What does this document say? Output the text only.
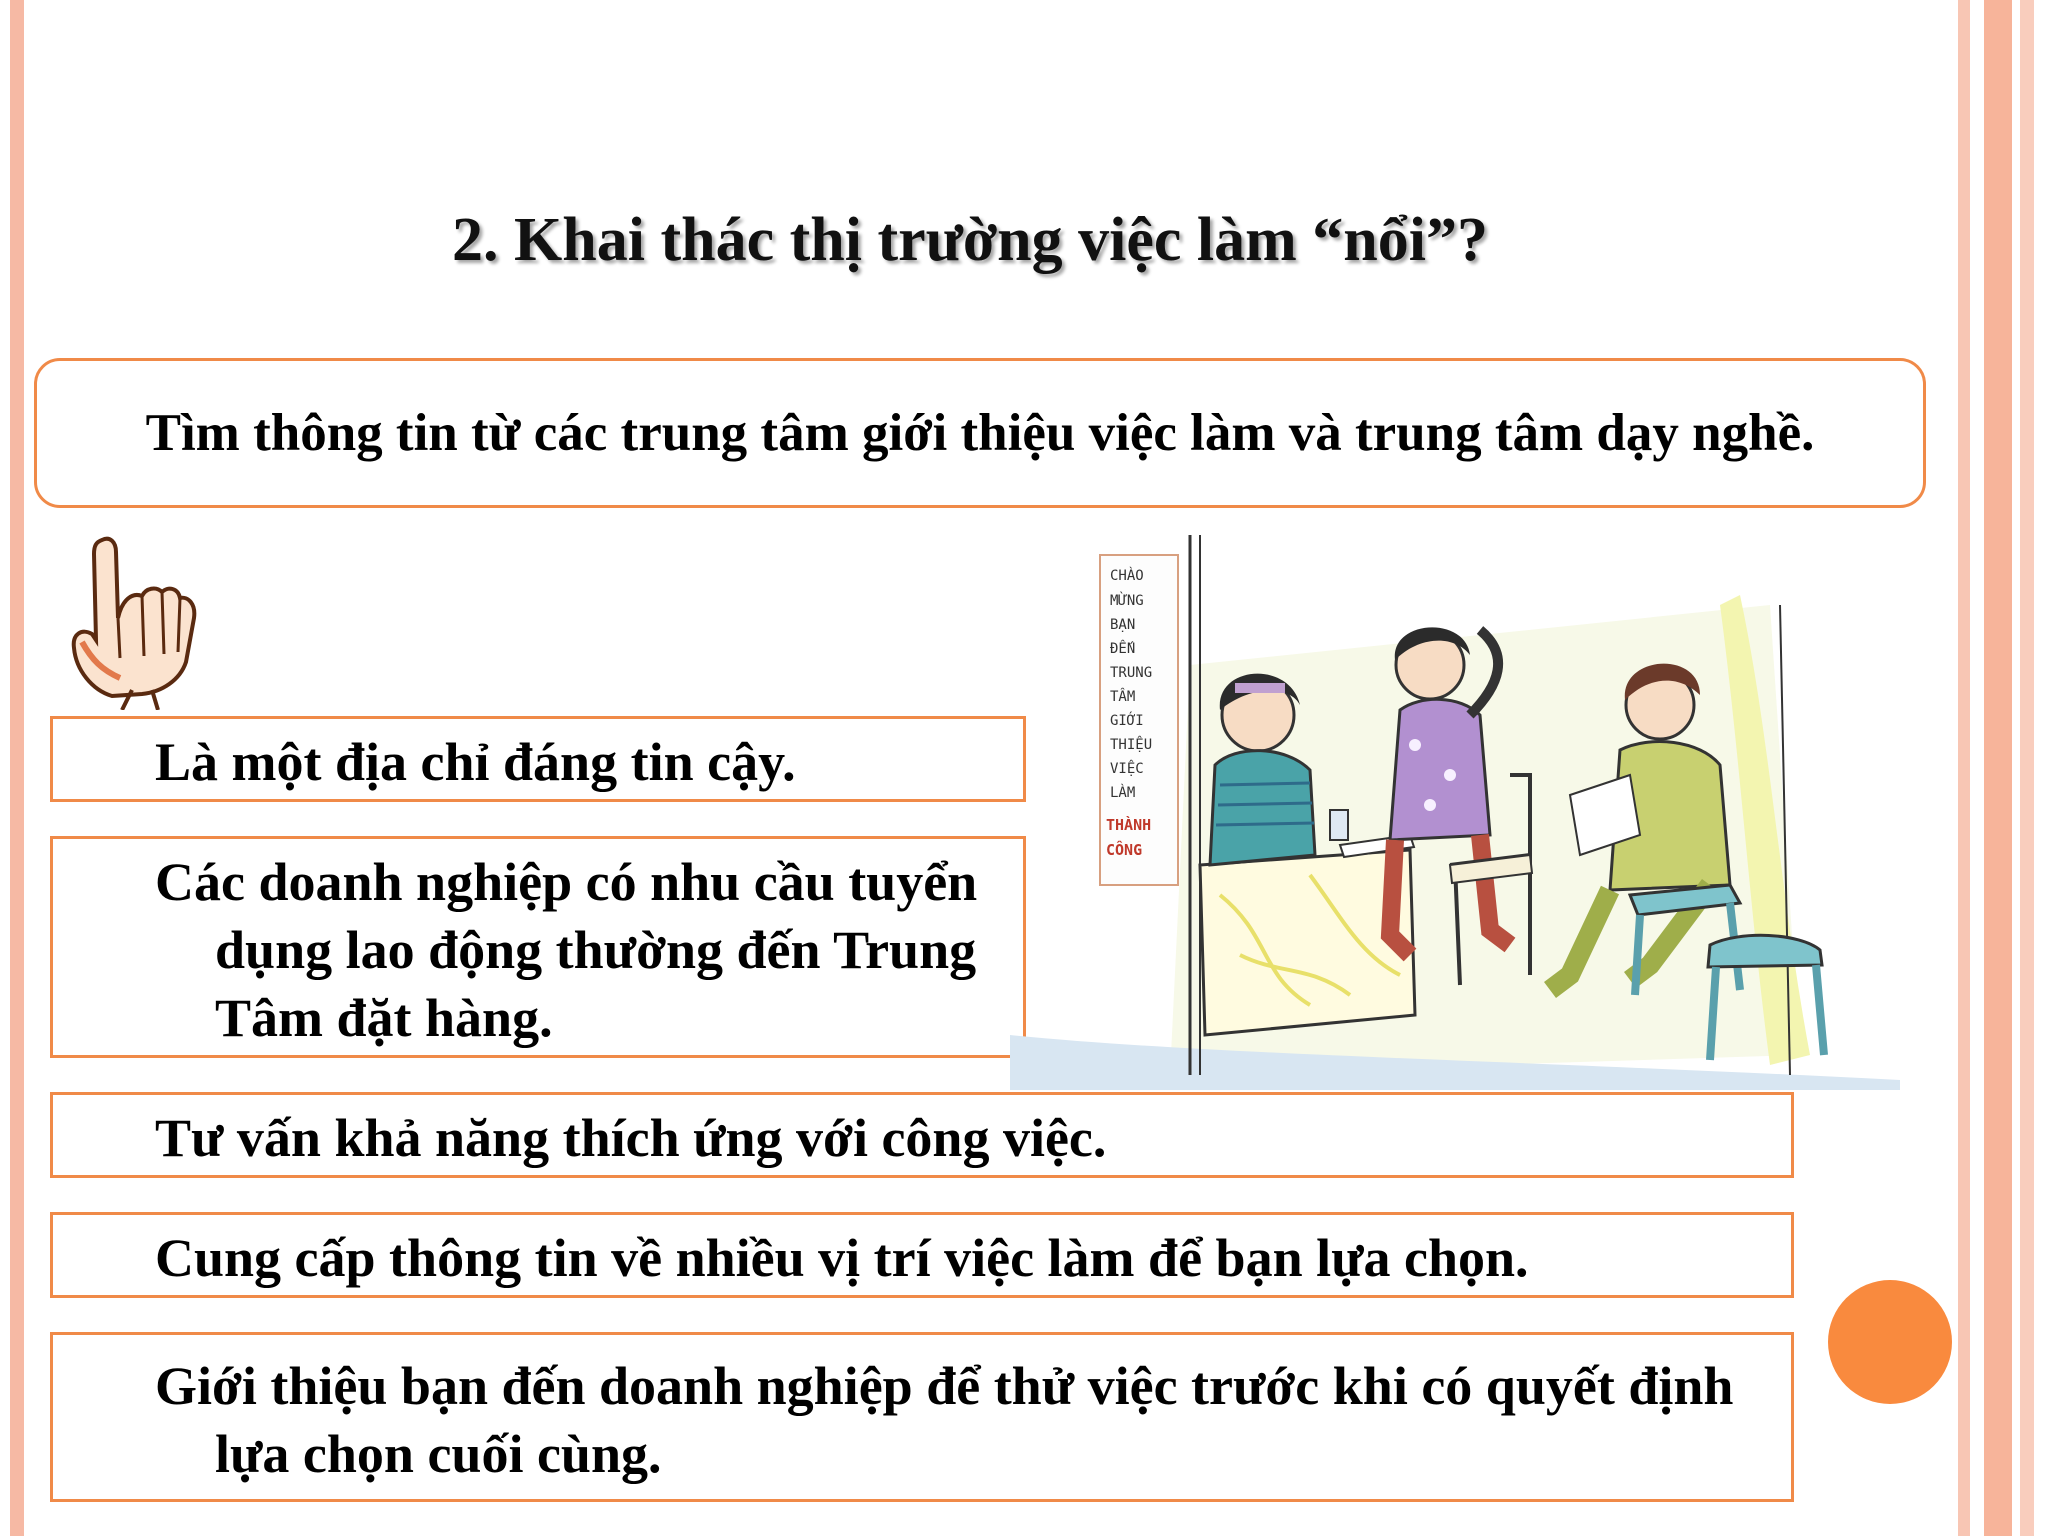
2. Khai thác thị trường việc làm “nổi”?
Tìm thông tin từ các trung tâm giới thiệu việc làm và trung tâm dạy nghề.
Là một địa chỉ đáng tin cậy.
Các doanh nghiệp có nhu cầu tuyển dụng lao động thường đến Trung Tâm đặt hàng.
CHÀO
MỪNG
BẠN
ĐẾN
TRUNG
TÂM
GIỚI
THIỆU
VIỆC
LÀM
THÀNH
CÔNG
Tư vấn khả năng thích ứng với công việc.
Cung cấp thông tin về nhiều vị trí việc làm để bạn lựa chọn.
Giới thiệu bạn đến doanh nghiệp để thử việc trước khi có quyết định lựa chọn cuối cùng.
